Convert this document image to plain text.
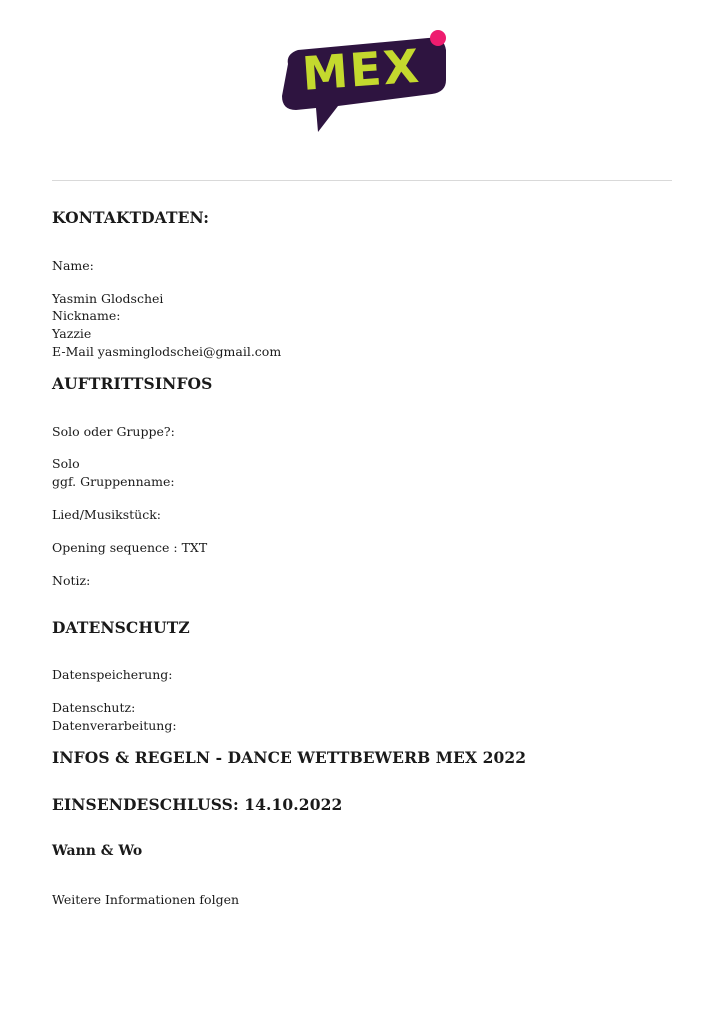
MEX

KONTAKTDATEN:

Name:

Yasmin Glodschei

Nickname:

Yazzie

E-Mail yasminglodschei@gmail.com

AUFTRITTSINFOS

Solo oder Gruppe?:

Solo

ggf. Gruppenname:

Lied/Musikstück:

Opening sequence : TXT

Notiz:

DATENSCHUTZ

Datenspeicherung:

Datenschutz:

Datenverarbeitung:

INFOS & REGELN - DANCE WETTBEWERB MEX 2022

EINSENDESCHLUSS: 14.10.2022

Wann & Wo

Weitere Informationen folgen
